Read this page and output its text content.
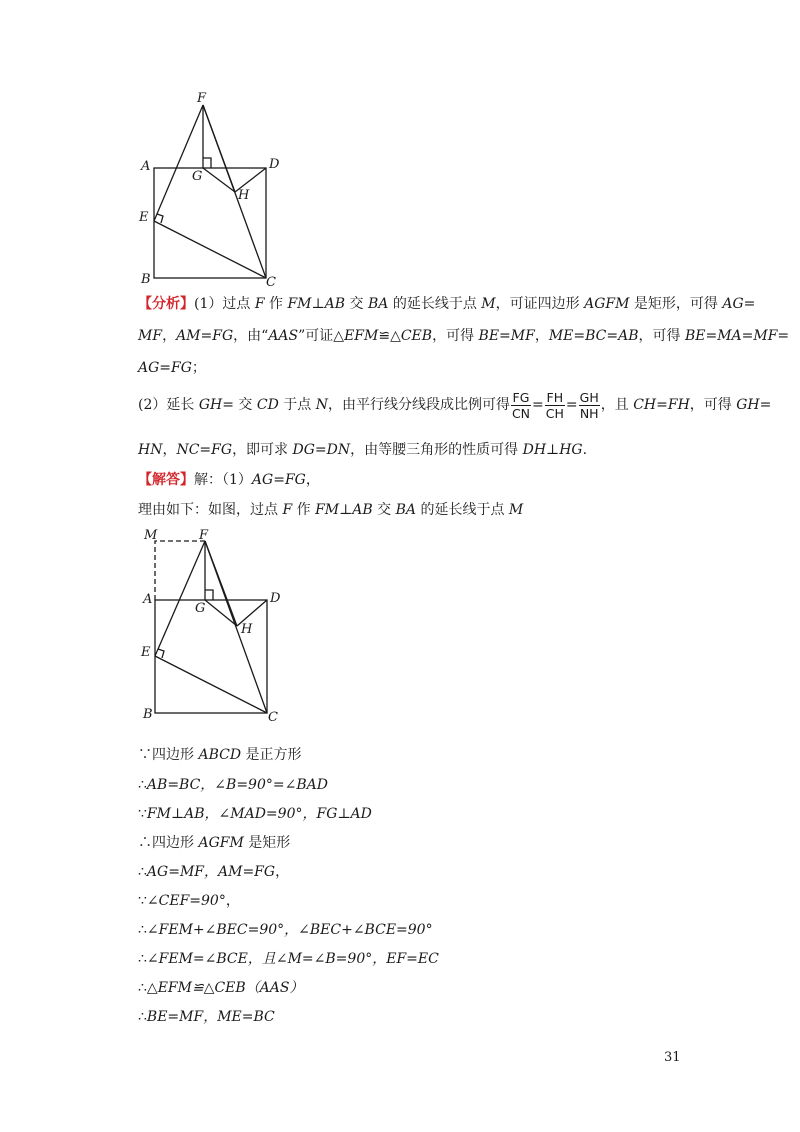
F
A	D
G
H
E
B	C
【分析】(1）过点 F 作 FM⊥AB 交 BA 的延长线于点 M，可证四边形 AGFM 是矩形，可得 AG=
MF，AM=FG，由“AAS”可证△EFM≌△CEB，可得 BE=MF，ME=BC=AB，可得 BE=MA=MF=
AG=FG；
(2）延长 GH= 交 CD 于点 N，由平行线分线段成比例可得 $\frac{FG}{CN} = \frac{FH}{CH} = \frac{GH}{NH}$ ，且 CH=FH，可得 GH=
HN，NC=FG，即可求 DG=DN，由等腰三角形的性质可得 DH⊥HG.
【解答】解：（1）AG=FG，
理由如下：如图，过点 F 作 FM⊥AB 交 BA 的延长线于点 M
M	F
A	D
G
H
E
B	C
∵四边形 ABCD 是正方形
∴AB=BC，∠B=90°=∠BAD
∵FM⊥AB，∠MAD=90°，FG⊥AD
∴四边形 AGFM 是矩形
∴AG=MF，AM=FG，
∵∠CEF=90°，
∴∠FEM+∠BEC=90°，∠BEC+∠BCE=90°
∴∠FEM=∠BCE，且∠M=∠B=90°，EF=EC
∴△EFM≌△CEB（AAS）
∴BE=MF，ME=BC
31
